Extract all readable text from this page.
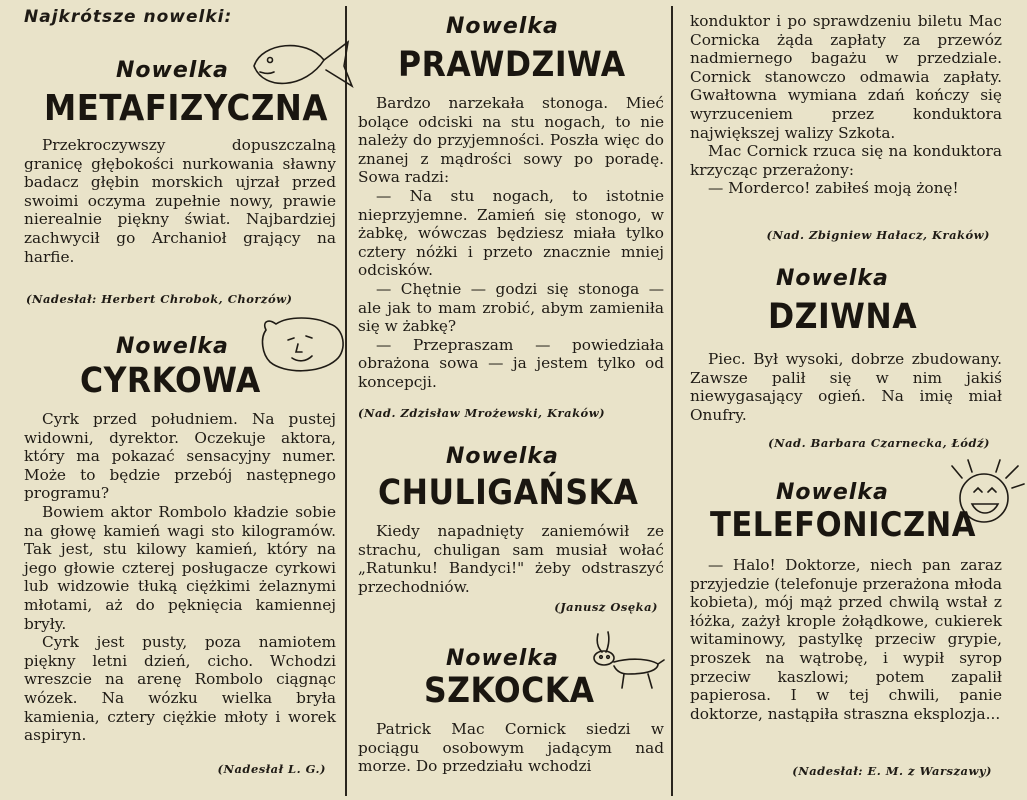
Najkrótsze nowelki:

Nowelka

METAFIZYCZNA

Przekroczywszy dopuszczalną granicę głębokości nurkowania sławny badacz głębin morskich ujrzał przed swoimi oczyma zupełnie nowy, prawie nierealnie piękny świat. Najbardziej zachwycił go Archanioł grający na harfie.

(Nadesłał: Herbert Chrobok, Chorzów)

Nowelka

CYRKOWA

Cyrk przed południem. Na pustej widowni, dyrektor. Oczekuje aktora, który ma pokazać sensacyjny numer. Może to będzie przebój następnego programu?

Bowiem aktor Rombolo kładzie sobie na głowę kamień wagi sto kilogramów. Tak jest, stu kilowy kamień, który na jego głowie czterej posługacze cyrkowi lub widzowie tłuką ciężkimi żelaznymi młotami, aż do pęknięcia kamiennej bryły.

Cyrk jest pusty, poza namiotem piękny letni dzień, cicho. Wchodzi wreszcie na arenę Rombolo ciągnąc wózek. Na wózku wielka bryła kamienia, cztery ciężkie młoty i worek aspiryn.

(Nadesłał L. G.)

Nowelka

PRAWDZIWA

Bardzo narzekała stonoga. Mieć bolące odciski na stu nogach, to nie należy do przyjemności. Poszła więc do znanej z mądrości sowy po poradę. Sowa radzi:

— Na stu nogach, to istotnie nieprzyjemne. Zamień się stonogo, w żabkę, wówczas będziesz miała tylko cztery nóżki i przeto znacznie mniej odcisków.

— Chętnie — godzi się stonoga — ale jak to mam zrobić, abym zamieniła się w żabkę?

— Przepraszam — powiedziała obrażona sowa — ja jestem tylko od koncepcji.

(Nad. Zdzisław Mrożewski, Kraków)

Nowelka

CHULIGAŃSKA

Kiedy napadnięty zaniemówił ze strachu, chuligan sam musiał wołać „Ratunku! Bandyci!" żeby odstraszyć przechodniów.

(Janusz Osęka)

Nowelka

SZKOCKA

Patrick Mac Cornick siedzi w pociągu osobowym jadącym nad morze. Do przedziału wchodzi

konduktor i po sprawdzeniu biletu Mac Cornicka żąda zapłaty za przewóz nadmiernego bagażu w przedziale. Cornick stanowczo odmawia zapłaty. Gwałtowna wymiana zdań kończy się wyrzuceniem przez konduktora największej walizy Szkota.

Mac Cornick rzuca się na konduktora krzycząc przerażony:

— Morderco! zabiłeś moją żonę!

(Nad. Zbigniew Hałacz, Kraków)

Nowelka

DZIWNA

Piec. Był wysoki, dobrze zbudowany. Zawsze palił się w nim jakiś niewygasający ogień. Na imię miał Onufry.

(Nad. Barbara Czarnecka, Łódź)

Nowelka

TELEFONICZNA

— Halo! Doktorze, niech pan zaraz przyjedzie (telefonuje przerażona młoda kobieta), mój mąż przed chwilą wstał z łóżka, zażył krople żołądkowe, cukierek witaminowy, pastylkę przeciw grypie, proszek na wątrobę, i wypił syrop przeciw kaszlowi; potem zapalił papierosa. I w tej chwili, panie doktorze, nastąpiła straszna eksplozja...

(Nadesłał: E. M. z Warszawy)
